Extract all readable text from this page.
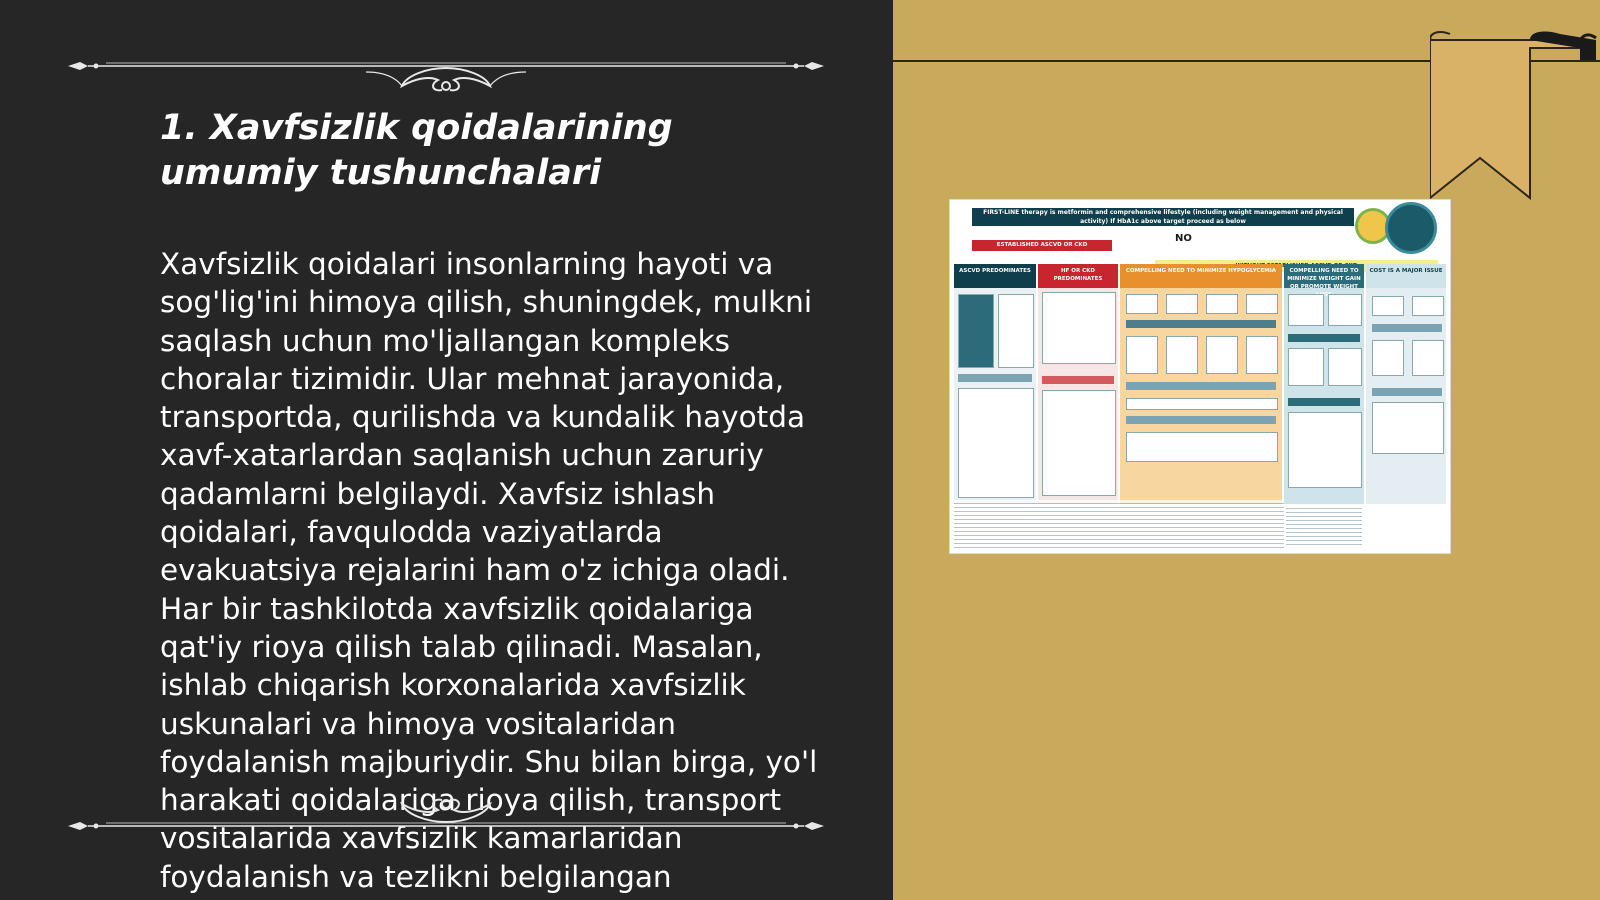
1. Xavfsizlik qoidalarining umumiy tushunchalari

Xavfsizlik qoidalari insonlarning hayoti va sog'lig'ini himoya qilish, shuningdek, mulkni saqlash uchun mo'ljallangan kompleks choralar tizimidir. Ular mehnat jarayonida, transportda, qurilishda va kundalik hayotda xavf-xatarlardan saqlanish uchun zaruriy qadamlarni belgilaydi. Xavfsiz ishlash qoidalari, favqulodda vaziyatlarda evakuatsiya rejalarini ham o'z ichiga oladi. Har bir tashkilotda xavfsizlik qoidalariga qat'iy rioya qilish talab qilinadi. Masalan, ishlab chiqarish korxonalarida xavfsizlik uskunalari va himoya vositalaridan foydalanish majburiydir. Shu bilan birga, yo'l harakati qoidalariga rioya qilish, transport vositalarida xavfsizlik kamarlaridan foydalanish va tezlikni belgilangan

FIRST-LINE therapy is metformin and comprehensive lifestyle (including weight management and physical activity) If HbA1c above target proceed as below
ESTABLISHED ASCVD OR CKD
NO
ASCVD PREDOMINATES	HF OR CKD PREDOMINATES
COMPELLING NEED TO MINIMIZE HYPOGLYCEMIA	COMPELLING NEED TO MINIMIZE WEIGHT GAIN OR PROMOTE WEIGHT
COST IS A MAJOR ISSUE
